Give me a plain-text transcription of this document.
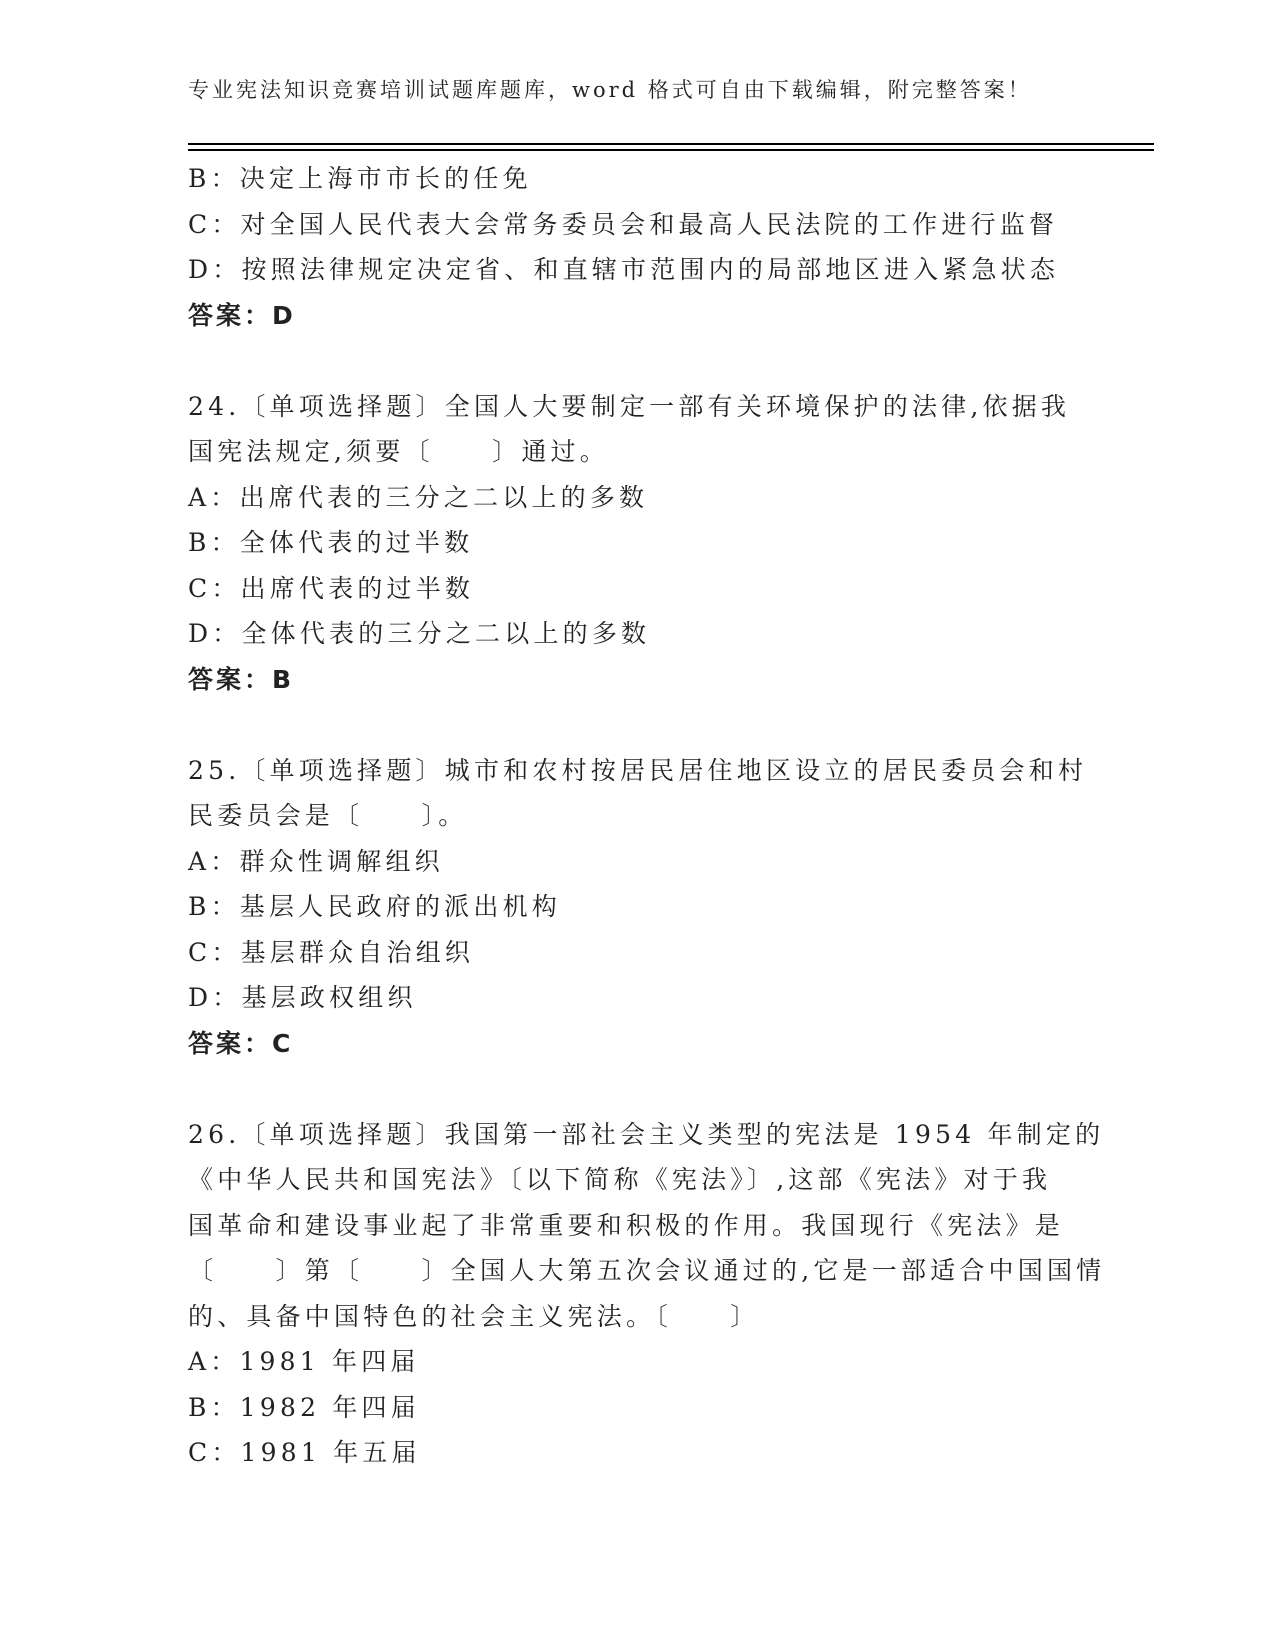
专业宪法知识竞赛培训试题库题库，word 格式可自由下载编辑，附完整答案！
B：决定上海市市长的任免
C：对全国人民代表大会常务委员会和最高人民法院的工作进行监督
D：按照法律规定决定省、和直辖市范围内的局部地区进入紧急状态
答案：D
24.〔单项选择题〕全国人大要制定一部有关环境保护的法律,依据我
国宪法规定,须要〔　　〕通过。
A：出席代表的三分之二以上的多数
B：全体代表的过半数
C：出席代表的过半数
D：全体代表的三分之二以上的多数
答案：B
25.〔单项选择题〕城市和农村按居民居住地区设立的居民委员会和村
民委员会是〔　　〕。
A：群众性调解组织
B：基层人民政府的派出机构
C：基层群众自治组织
D：基层政权组织
答案：C
26.〔单项选择题〕我国第一部社会主义类型的宪法是 1954 年制定的
《中华人民共和国宪法》〔以下简称《宪法》〕,这部《宪法》对于我
国革命和建设事业起了非常重要和积极的作用。我国现行《宪法》是
〔　　〕第〔　　〕全国人大第五次会议通过的,它是一部适合中国国情
的、具备中国特色的社会主义宪法。〔　　〕
A：1981 年四届
B：1982 年四届
C：1981 年五届
